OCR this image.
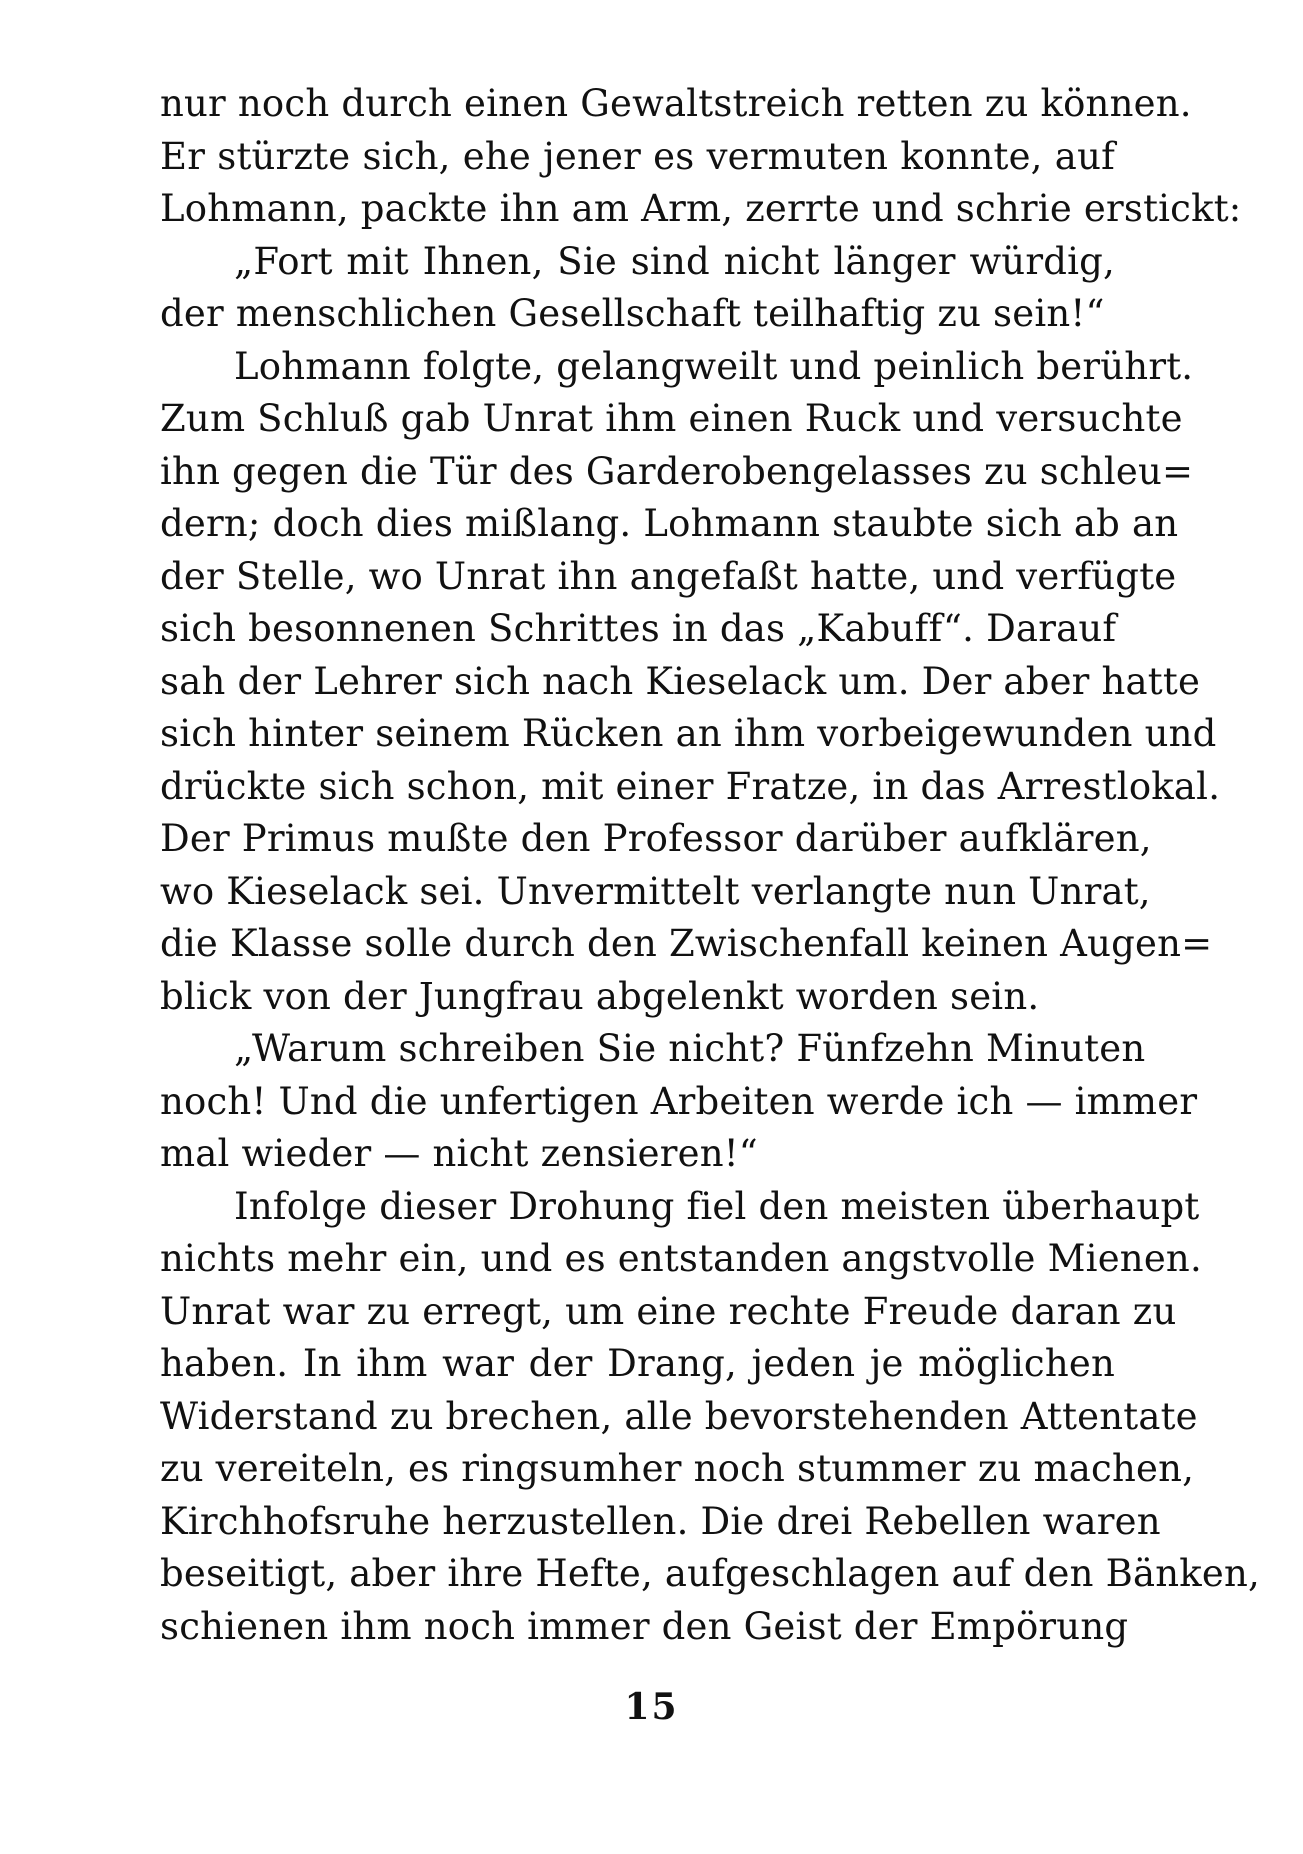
nur noch durch einen Gewaltstreich retten zu können.
Er stürzte sich, ehe jener es vermuten konnte, auf
Lohmann, packte ihn am Arm, zerrte und schrie erstickt:
„Fort mit Ihnen, Sie sind nicht länger würdig,
der menschlichen Gesellschaft teilhaftig zu sein!“
Lohmann folgte, gelangweilt und peinlich berührt.
Zum Schluß gab Unrat ihm einen Ruck und versuchte
ihn gegen die Tür des Garderobengelasses zu schleu=
dern; doch dies mißlang. Lohmann staubte sich ab an
der Stelle, wo Unrat ihn angefaßt hatte, und verfügte
sich besonnenen Schrittes in das „Kabuff“. Darauf
sah der Lehrer sich nach Kieselack um. Der aber hatte
sich hinter seinem Rücken an ihm vorbeigewunden und
drückte sich schon, mit einer Fratze, in das Arrestlokal.
Der Primus mußte den Professor darüber aufklären,
wo Kieselack sei. Unvermittelt verlangte nun Unrat,
die Klasse solle durch den Zwischenfall keinen Augen=
blick von der Jungfrau abgelenkt worden sein.
„Warum schreiben Sie nicht? Fünfzehn Minuten
noch! Und die unfertigen Arbeiten werde ich — immer
mal wieder — nicht zensieren!“
Infolge dieser Drohung fiel den meisten überhaupt
nichts mehr ein, und es entstanden angstvolle Mienen.
Unrat war zu erregt, um eine rechte Freude daran zu
haben. In ihm war der Drang, jeden je möglichen
Widerstand zu brechen, alle bevorstehenden Attentate
zu vereiteln, es ringsumher noch stummer zu machen,
Kirchhofsruhe herzustellen. Die drei Rebellen waren
beseitigt, aber ihre Hefte, aufgeschlagen auf den Bänken,
schienen ihm noch immer den Geist der Empörung
15
